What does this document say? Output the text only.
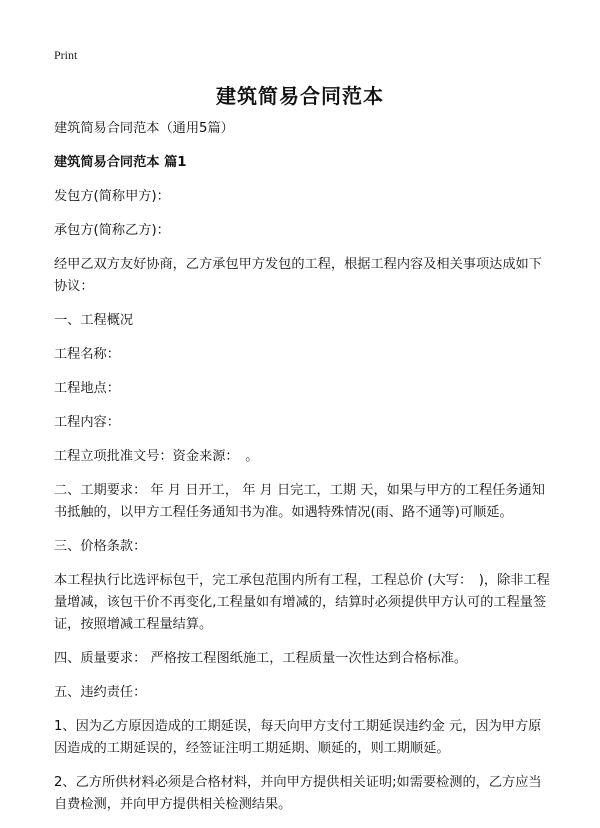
Print
建筑简易合同范本

建筑简易合同范本（通用5篇）

建筑简易合同范本 篇1

发包方(简称甲方)：

承包方(简称乙方)：

经甲乙双方友好协商，乙方承包甲方发包的工程，根据工程内容及相关事项达成如下协议：

一、工程概况

工程名称：

工程地点：

工程内容：

工程立项批准文号：资金来源：　。

二、工期要求： 年 月 日开工， 年 月 日完工，工期 天，如果与甲方的工程任务通知书抵触的，以甲方工程任务通知书为准。如遇特殊情况(雨、路不通等)可顺延。

三、价格条款：

本工程执行比选评标包干，完工承包范围内所有工程，工程总价 (大写：　)，除非工程量增减，该包干价不再变化,工程量如有增减的，结算时必须提供甲方认可的工程量签证，按照增减工程量结算。

四、质量要求： 严格按工程图纸施工，工程质量一次性达到合格标准。

五、违约责任：

1、因为乙方原因造成的工期延误，每天向甲方支付工期延误违约金 元，因为甲方原因造成的工期延误的，经签证注明工期延期、顺延的，则工期顺延。

2、乙方所供材料必须是合格材料，并向甲方提供相关证明;如需要检测的，乙方应当自费检测，并向甲方提供相关检测结果。
